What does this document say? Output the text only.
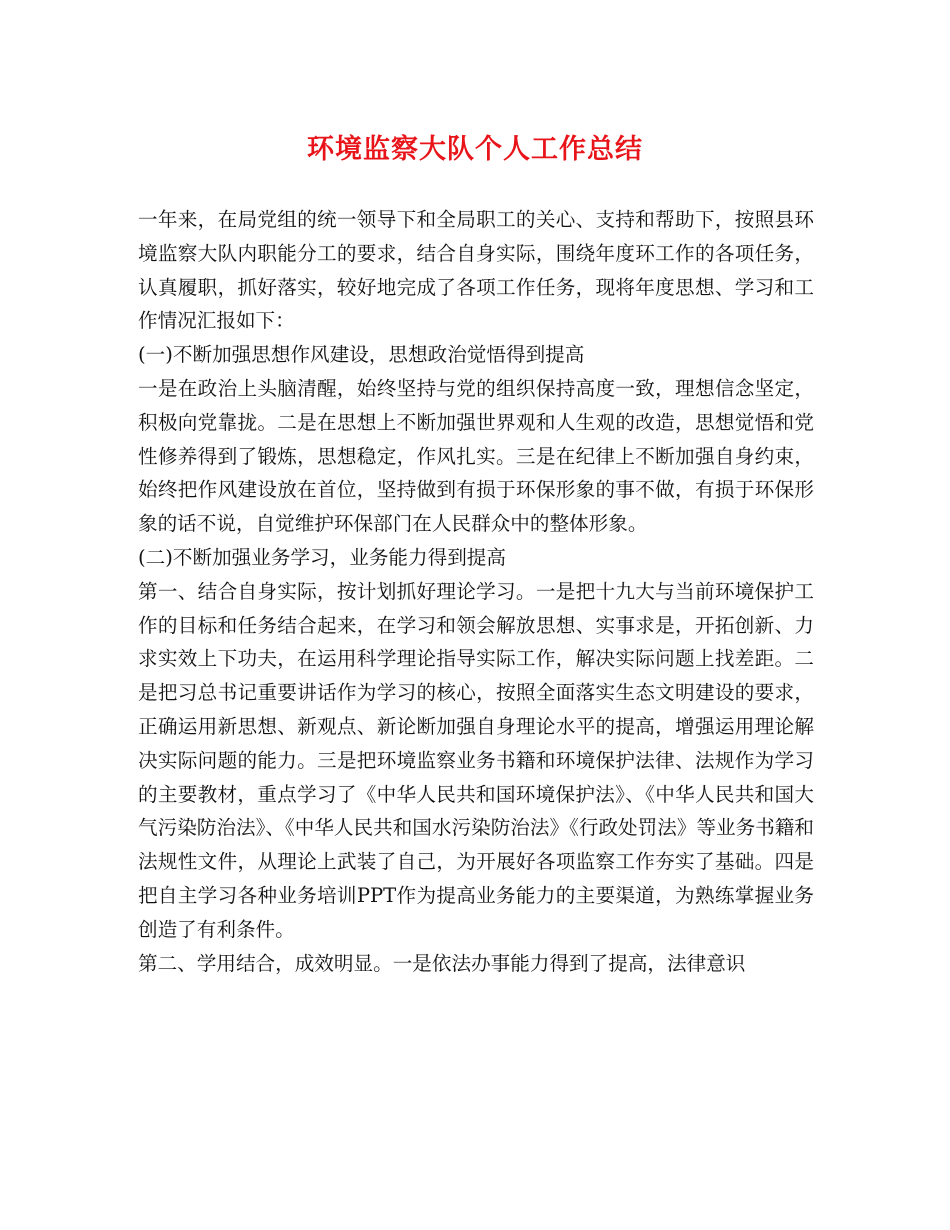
环境监察大队个人工作总结

一年来，在局党组的统一领导下和全局职工的关心、支持和帮助下，按照县环境监察大队内职能分工的要求，结合自身实际，围绕年度环工作的各项任务，认真履职，抓好落实，较好地完成了各项工作任务，现将年度思想、学习和工作情况汇报如下：

(一)不断加强思想作风建设，思想政治觉悟得到提高

一是在政治上头脑清醒，始终坚持与党的组织保持高度一致，理想信念坚定，积极向党靠拢。二是在思想上不断加强世界观和人生观的改造，思想觉悟和党性修养得到了锻炼，思想稳定，作风扎实。三是在纪律上不断加强自身约束，始终把作风建设放在首位，坚持做到有损于环保形象的事不做，有损于环保形象的话不说，自觉维护环保部门在人民群众中的整体形象。

(二)不断加强业务学习，业务能力得到提高

第一、结合自身实际，按计划抓好理论学习。一是把十九大与当前环境保护工作的目标和任务结合起来，在学习和领会解放思想、实事求是，开拓创新、力求实效上下功夫，在运用科学理论指导实际工作，解决实际问题上找差距。二是把习总书记重要讲话作为学习的核心，按照全面落实生态文明建设的要求，正确运用新思想、新观点、新论断加强自身理论水平的提高，增强运用理论解决实际问题的能力。三是把环境监察业务书籍和环境保护法律、法规作为学习的主要教材，重点学习了《中华人民共和国环境保护法》、《中华人民共和国大气污染防治法》、《中华人民共和国水污染防治法》《行政处罚法》等业务书籍和法规性文件，从理论上武装了自己，为开展好各项监察工作夯实了基础。四是把自主学习各种业务培训PPT作为提高业务能力的主要渠道，为熟练掌握业务创造了有利条件。

第二、学用结合，成效明显。一是依法办事能力得到了提高，法律意识
